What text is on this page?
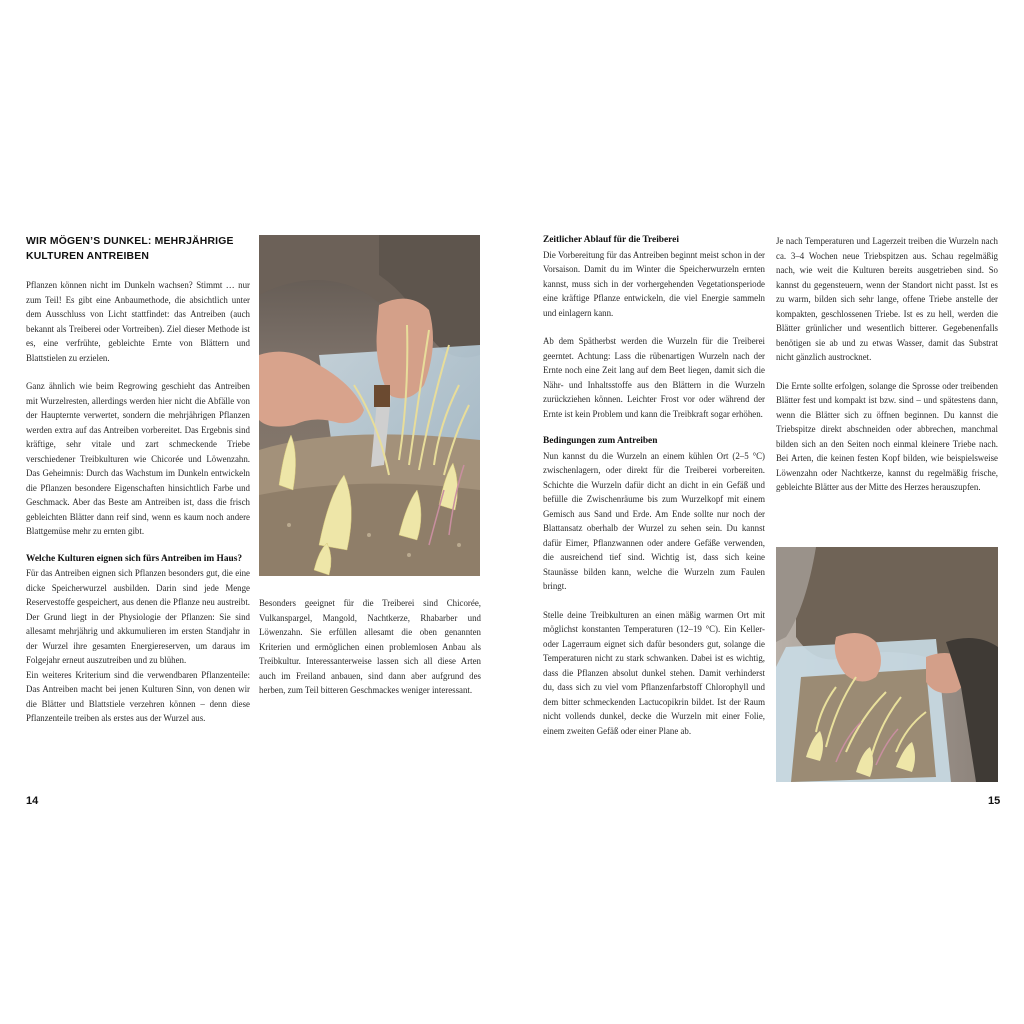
WIR MÖGEN’S DUNKEL: MEHRJÄHRIGE KULTUREN ANTREIBEN

Pflanzen können nicht im Dunkeln wachsen? Stimmt … nur zum Teil! Es gibt eine Anbaumethode, die absichtlich unter dem Ausschluss von Licht stattfindet: das Antreiben (auch bekannt als Treiberei oder Vortreiben). Ziel dieser Methode ist es, eine verfrühte, gebleichte Ernte von Blättern und Blattstielen zu erzielen.

Ganz ähnlich wie beim Regrowing geschieht das Antreiben mit Wurzelresten, allerdings werden hier nicht die Abfälle von der Haupternte verwertet, sondern die mehrjährigen Pflanzen werden extra auf das Antreiben vorbereitet. Das Ergebnis sind kräftige, sehr vitale und zart schmeckende Triebe verschiedener Treibkulturen wie Chicorée und Löwenzahn. Das Geheimnis: Durch das Wachstum im Dunkeln entwickeln die Pflanzen besondere Eigenschaften hinsichtlich Farbe und Geschmack. Aber das Beste am Antreiben ist, dass die frisch gebleichten Blätter dann reif sind, wenn es kaum noch andere Blattgemüse mehr zu ernten gibt.

Welche Kulturen eignen sich fürs Antreiben im Haus?

Für das Antreiben eignen sich Pflanzen besonders gut, die eine dicke Speicherwurzel ausbilden. Darin sind jede Menge Reservestoffe gespeichert, aus denen die Pflanze neu austreibt. Der Grund liegt in der Physiologie der Pflanzen: Sie sind allesamt mehrjährig und akkumulieren im ersten Standjahr in der Wurzel ihre gesamten Energiereserven, um daraus im Folgejahr erneut auszutreiben und zu blühen.

Ein weiteres Kriterium sind die verwendbaren Pflanzenteile: Das Antreiben macht bei jenen Kulturen Sinn, von denen wir die Blätter und Blattstiele verzehren können – denn diese Pflanzenteile treiben als erstes aus der Wurzel aus.

Besonders geeignet für die Treiberei sind Chicorée, Vulkanspargel, Mangold, Nachtkerze, Rhabarber und Löwenzahn. Sie erfüllen allesamt die oben genannten Kriterien und ermöglichen einen problemlosen Anbau als Treibkultur. Interessanterweise lassen sich all diese Arten auch im Freiland anbauen, sind dann aber aufgrund des herben, zum Teil bitteren Geschmackes weniger interessant.

14
Zeitlicher Ablauf für die Treiberei

Die Vorbereitung für das Antreiben beginnt meist schon in der Vorsaison. Damit du im Winter die Speicherwurzeln ernten kannst, muss sich in der vorhergehenden Vegetationsperiode eine kräftige Pflanze entwickeln, die viel Energie sammeln und einlagern kann.

Ab dem Spätherbst werden die Wurzeln für die Treiberei geerntet. Achtung: Lass die rübenartigen Wurzeln nach der Ernte noch eine Zeit lang auf dem Beet liegen, damit sich die Nähr- und Inhaltsstoffe aus den Blättern in die Wurzeln zurückziehen können. Leichter Frost vor oder während der Ernte ist kein Problem und kann die Treibkraft sogar erhöhen.

Bedingungen zum Antreiben

Nun kannst du die Wurzeln an einem kühlen Ort (2–5 °C) zwischenlagern, oder direkt für die Treiberei vorbereiten. Schichte die Wurzeln dafür dicht an dicht in ein Gefäß und befülle die Zwischenräume bis zum Wurzelkopf mit einem Gemisch aus Sand und Erde. Am Ende sollte nur noch der Blattansatz oberhalb der Wurzel zu sehen sein. Du kannst dafür Eimer, Pflanzwannen oder andere Gefäße verwenden, die ausreichend tief sind. Wichtig ist, dass sich keine Staunässe bilden kann, welche die Wurzeln zum Faulen bringt.

Stelle deine Treibkulturen an einen mäßig warmen Ort mit möglichst konstanten Temperaturen (12–19 °C). Ein Keller- oder Lagerraum eignet sich dafür besonders gut, solange die Temperaturen nicht zu stark schwanken. Dabei ist es wichtig, dass die Pflanzen absolut dunkel stehen. Damit verhinderst du, dass sich zu viel vom Pflanzenfarbstoff Chlorophyll und dem bitter schmeckenden Lactucopikrin bildet. Ist der Raum nicht vollends dunkel, decke die Wurzeln mit einer Folie, einem zweiten Gefäß oder einer Plane ab.

Je nach Temperaturen und Lagerzeit treiben die Wurzeln nach ca. 3–4 Wochen neue Triebspitzen aus. Schau regelmäßig nach, wie weit die Kulturen bereits ausgetrieben sind. So kannst du gegensteuern, wenn der Standort nicht passt. Ist es zu warm, bilden sich sehr lange, offene Triebe anstelle der kompakten, geschlossenen Triebe. Ist es zu hell, werden die Blätter grünlicher und wesentlich bitterer. Gegebenenfalls benötigen sie ab und zu etwas Wasser, damit das Substrat nicht gänzlich austrocknet.

Die Ernte sollte erfolgen, solange die Sprosse oder treibenden Blätter fest und kompakt ist bzw. sind – und spätestens dann, wenn die Blätter sich zu öffnen beginnen. Du kannst die Triebspitze direkt abschneiden oder abbrechen, manchmal bilden sich an den Seiten noch einmal kleinere Triebe nach. Bei Arten, die keinen festen Kopf bilden, wie beispielsweise Löwenzahn oder Nachtkerze, kannst du regelmäßig frische, gebleichte Blätter aus der Mitte des Herzes herauszupfen.

15
